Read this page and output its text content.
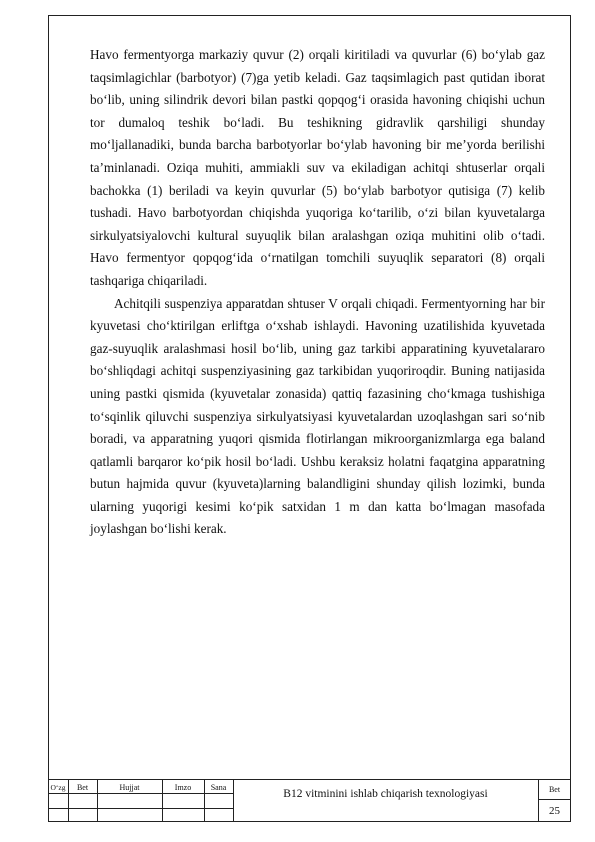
Havo fermentyorga markaziy quvur (2) orqali kiritiladi va quvurlar (6) bo‘ylab gaz taqsimlagichlar (barbotyor) (7)ga yetib keladi. Gaz taqsimlagich past qutidan iborat bo‘lib, uning silindrik devori bilan pastki qopqog‘i orasida havoning chiqishi uchun tor dumaloq teshik bo‘ladi. Bu teshikning gidravlik qarshiligi shunday mo‘ljallanadiki, bunda barcha barbotyorlar bo‘ylab havoning bir me’yorda berilishi ta’minlanadi. Oziqa muhiti, ammiakli suv va ekiladigan achitqi shtuserlar orqali bachokka (1) beriladi va keyin quvurlar (5) bo‘ylab barbotyor qutisiga (7) kelib tushadi. Havo barbotyordan chiqishda yuqoriga ko‘tarilib, o‘zi bilan kyuvetalarga sirkulyatsiyalovchi kultural suyuqlik bilan aralashgan oziqa muhitini olib o‘tadi. Havo fermentyor qopqog‘ida o‘rnatilgan tomchili suyuqlik separatori (8) orqali tashqariga chiqariladi.

Achitqili suspenziya apparatdan shtuser V orqali chiqadi. Fermentyorning har bir kyuvetasi cho‘ktirilgan erliftga o‘xshab ishlaydi. Havoning uzatilishida kyuvetada gaz-suyuqlik aralashmasi hosil bo‘lib, uning gaz tarkibi apparatining kyuvetalararo bo‘shliqdagi achitqi suspenziyasining gaz tarkibidan yuqoriroqdir. Buning natijasida uning pastki qismida (kyuvetalar zonasida) qattiq fazasining cho‘kmaga tushishiga to‘sqinlik qiluvchi suspenziya sirkulyatsiyasi kyuvetalardan uzoqlashgan sari so‘nib boradi, va apparatning yuqori qismida flotirlangan mikroorganizmlarga ega baland qatlamli barqaror ko‘pik hosil bo‘ladi. Ushbu keraksiz holatni faqatgina apparatning butun hajmida quvur (kyuveta)larning balandligini shunday qilish lozimki, bunda ularning yuqorigi kesimi ko‘pik satxidan 1 m dan katta bo‘lmagan masofada joylashgan bo‘lishi kerak.

O‘zg	Bet	Hujjat	Imzo	Sana
B12 vitminini ishlab chiqarish texnologiyasi	Bet
25
